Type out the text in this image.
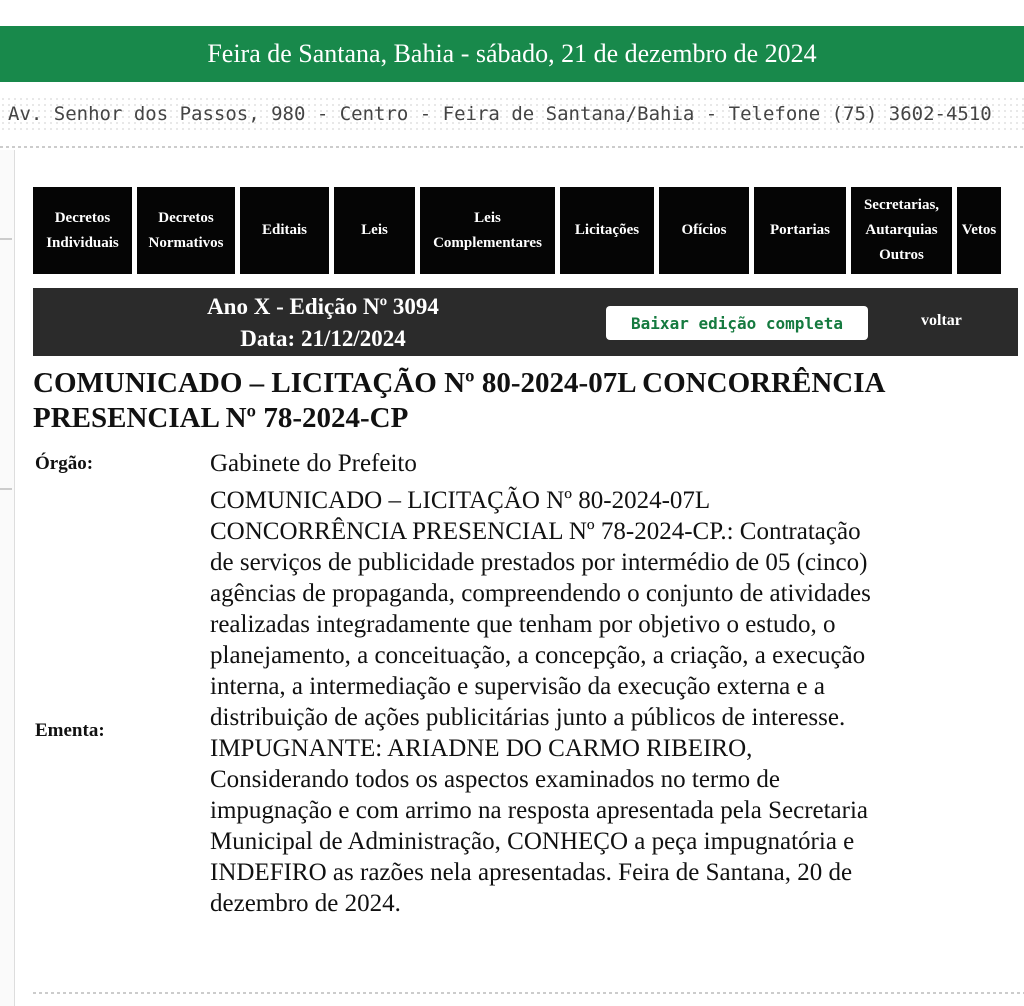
Feira de Santana, Bahia - sábado, 21 de dezembro de 2024
Av. Senhor dos Passos, 980 - Centro - Feira de Santana/Bahia - Telefone (75) 3602-4510
Decretos
Individuais
Decretos
Normativos
Editais	Leis
Leis
Complementares
Licitações	Ofícios	Portarias
Secretarias,
Autarquias
Outros
Vetos
Ano X - Edição Nº 3094
Data: 21/12/2024
Baixar edição completa	voltar
COMUNICADO – LICITAÇÃO Nº 80-2024-07L CONCORRÊNCIA PRESENCIAL Nº 78-2024-CP
Órgão:	Gabinete do Prefeito
Ementa:
COMUNICADO – LICITAÇÃO Nº 80-2024-07L
CONCORRÊNCIA PRESENCIAL Nº 78-2024-CP.: Contratação
de serviços de publicidade prestados por intermédio de 05 (cinco)
agências de propaganda, compreendendo o conjunto de atividades
realizadas integradamente que tenham por objetivo o estudo, o
planejamento, a conceituação, a concepção, a criação, a execução
interna, a intermediação e supervisão da execução externa e a
distribuição de ações publicitárias junto a públicos de interesse.
IMPUGNANTE: ARIADNE DO CARMO RIBEIRO,
Considerando todos os aspectos examinados no termo de
impugnação e com arrimo na resposta apresentada pela Secretaria
Municipal de Administração, CONHEÇO a peça impugnatória e
INDEFIRO as razões nela apresentadas. Feira de Santana, 20 de
dezembro de 2024.
